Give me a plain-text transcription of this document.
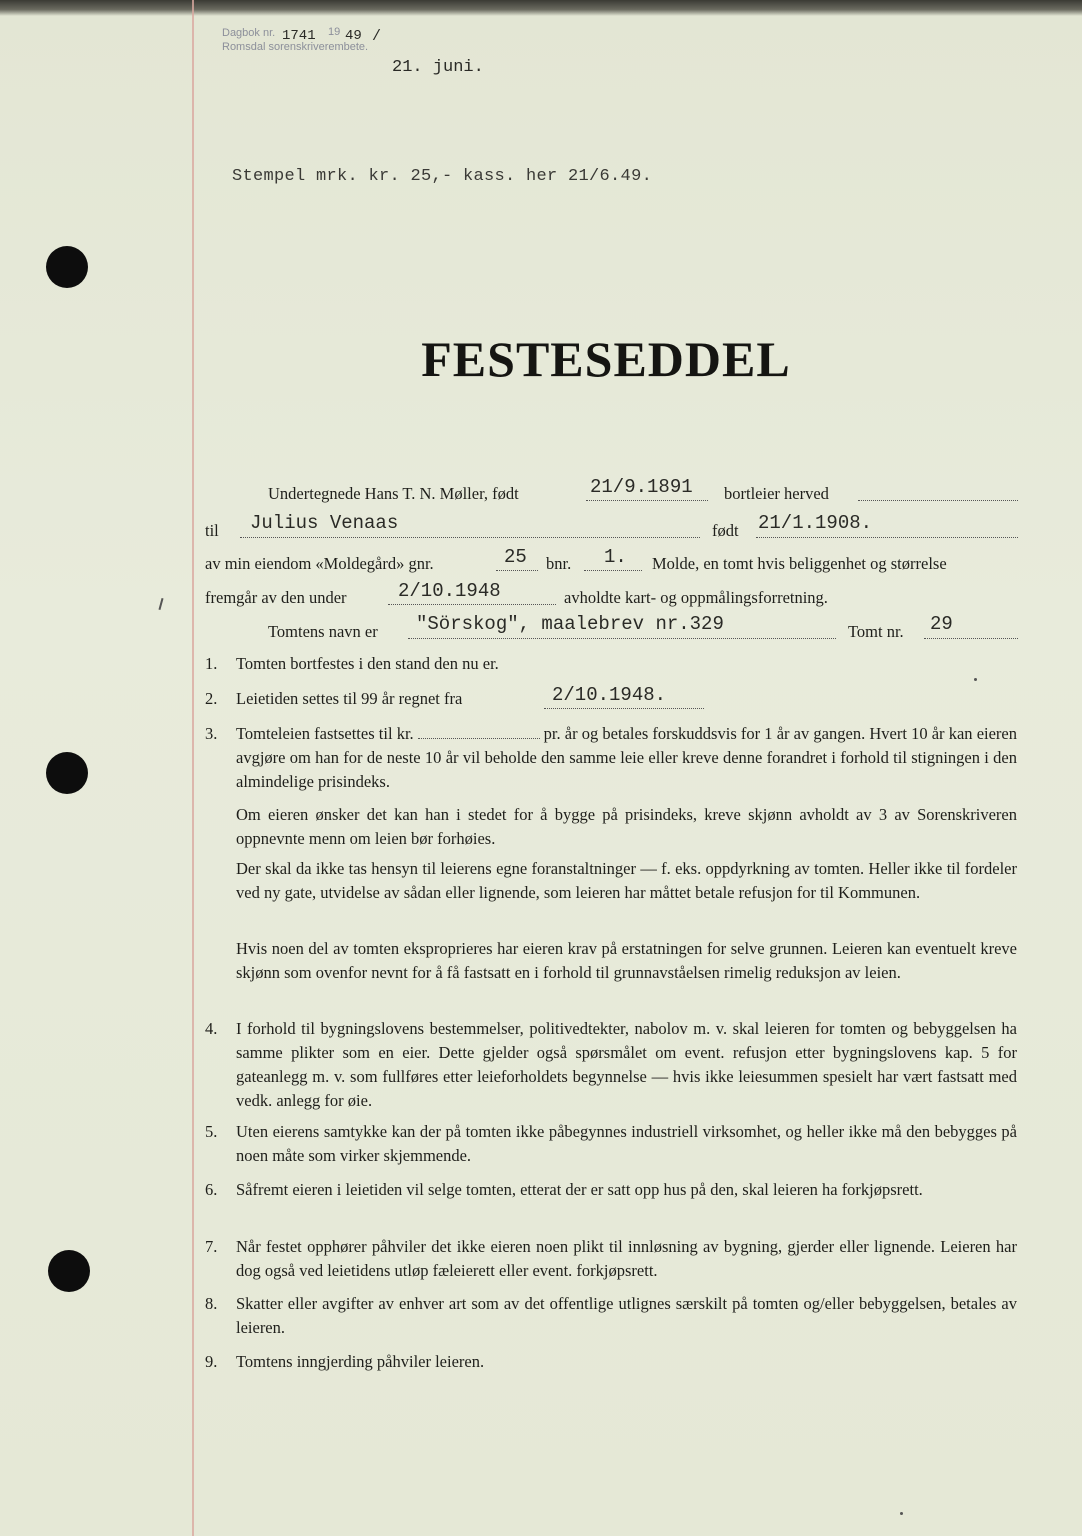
Dagbok nr.
Romsdal sorenskriverembete.
1741 19 49 /
21. juni.
Stempel mrk. kr. 25,- kass. her 21/6.49.
FESTESEDDEL
Undertegnede Hans T. N. Møller, født	21/9.1891 bortleier herved
til Julius Venaas	født 21/1.1908.
av min eiendom «Moldegård» gnr.	25 bnr. 1. Molde, en tomt hvis beliggenhet og størrelse
fremgår av den under	2/10.1948	avholdte kart- og oppmålingsforretning.
Tomtens navn er "Sörskog", maalebrev nr.329	Tomt nr. 29
1.	Tomten bortfestes i den stand den nu er.
2.	Leietiden settes til 99 år regnet fra	2/10.1948.
3.	Tomteleien fastsettes til kr.	pr. år og betales forskuddsvis for 1 år av gangen. Hvert 10 år kan eieren avgjøre om han for de neste 10 år vil beholde den samme leie eller kreve denne forandret i forhold til stigningen i den almindelige prisindeks.
Om eieren ønsker det kan han i stedet for å bygge på prisindeks, kreve skjønn avholdt av 3 av Sorenskriveren oppnevnte menn om leien bør forhøies.
Der skal da ikke tas hensyn til leierens egne foranstaltninger — f. eks. oppdyrkning av tomten. Heller ikke til fordeler ved ny gate, utvidelse av sådan eller lignende, som leieren har måttet betale refusjon for til Kommunen.
Hvis noen del av tomten eksproprieres har eieren krav på erstatningen for selve grunnen. Leieren kan eventuelt kreve skjønn som ovenfor nevnt for å få fastsatt en i forhold til grunnavståelsen rimelig reduksjon av leien.
4.	I forhold til bygningslovens bestemmelser, politivedtekter, nabolov m. v. skal leieren for tomten og bebyggelsen ha samme plikter som en eier. Dette gjelder også spørsmålet om event. refusjon etter bygningslovens kap. 5 for gateanlegg m. v. som fullføres etter leieforholdets begynnelse — hvis ikke leiesummen spesielt har vært fastsatt med vedk. anlegg for øie.
5.	Uten eierens samtykke kan der på tomten ikke påbegynnes industriell virksomhet, og heller ikke må den bebygges på noen måte som virker skjemmende.
6.	Såfremt eieren i leietiden vil selge tomten, etterat der er satt opp hus på den, skal leieren ha forkjøpsrett.
7.	Når festet opphører påhviler det ikke eieren noen plikt til innløsning av bygning, gjerder eller lignende. Leieren har dog også ved leietidens utløp fæleierett eller event. forkjøpsrett.
8.	Skatter eller avgifter av enhver art som av det offentlige utlignes særskilt på tomten og/eller bebyggelsen, betales av leieren.
9.	Tomtens inngjerding påhviler leieren.
